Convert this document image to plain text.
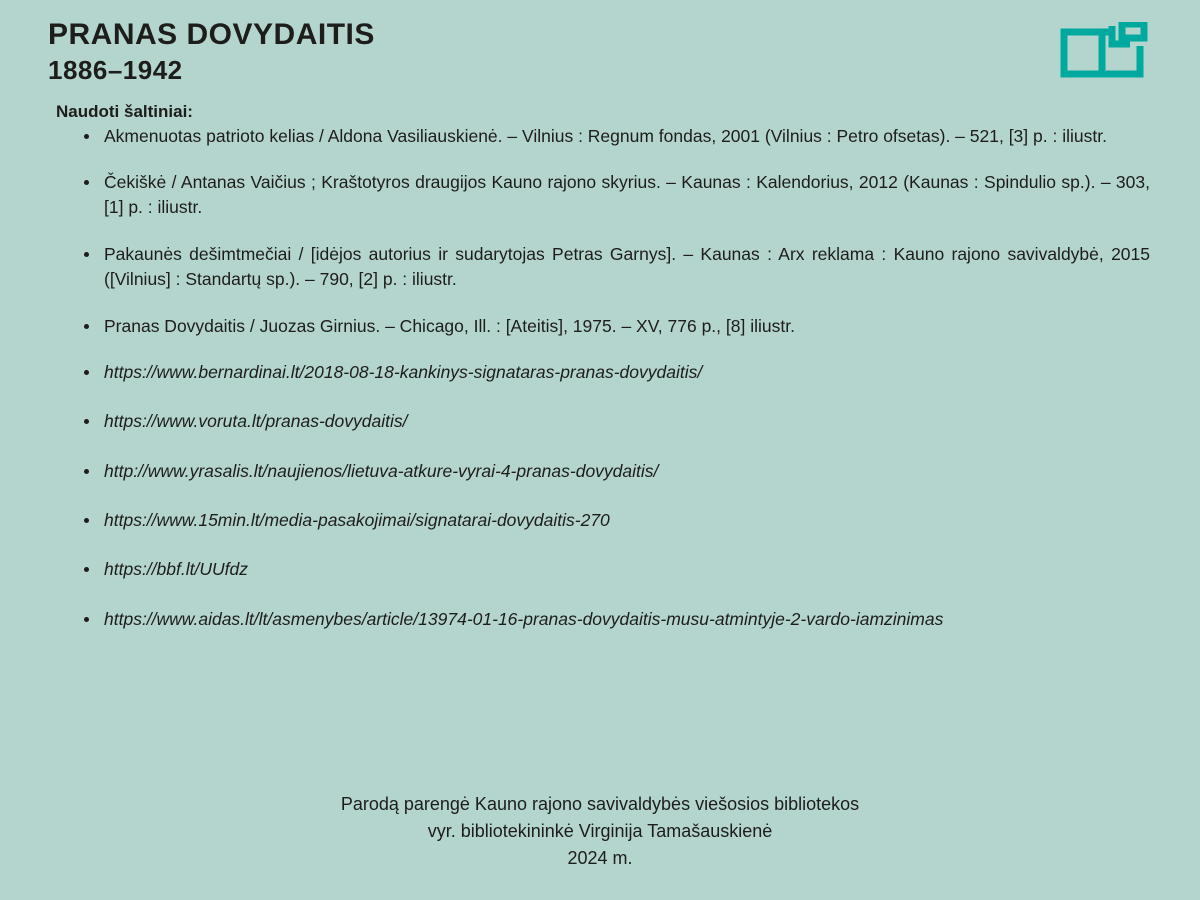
PRANAS DOVYDAITIS
1886–1942
Naudoti šaltiniai:
Akmenuotas patrioto kelias / Aldona Vasiliauskienė. – Vilnius : Regnum fondas, 2001 (Vilnius : Petro ofsetas). – 521, [3] p. : iliustr.
Čekiškė / Antanas Vaičius ; Kraštotyros draugijos Kauno rajono skyrius. – Kaunas : Kalendorius, 2012 (Kaunas : Spindulio sp.). – 303, [1] p. : iliustr.
Pakaunės dešimtmečiai / [idėjos autorius ir sudarytojas Petras Garnys]. – Kaunas : Arx reklama : Kauno rajono savivaldybė, 2015 ([Vilnius] : Standartų sp.). – 790, [2] p. : iliustr.
Pranas Dovydaitis / Juozas Girnius. – Chicago, Ill. : [Ateitis], 1975. – XV, 776 p., [8] iliustr.
https://www.bernardinai.lt/2018-08-18-kankinys-signataras-pranas-dovydaitis/
https://www.voruta.lt/pranas-dovydaitis/
http://www.yrasalis.lt/naujienos/lietuva-atkure-vyrai-4-pranas-dovydaitis/
https://www.15min.lt/media-pasakojimai/signatarai-dovydaitis-270
https://bbf.lt/UUfdz
https://www.aidas.lt/lt/asmenybes/article/13974-01-16-pranas-dovydaitis-musu-atmintyje-2-vardo-iamzinimas
Parodą parengė Kauno rajono savivaldybės viešosios bibliotekos
vyr. bibliotekininkė Virginija Tamašauskienė
2024 m.
